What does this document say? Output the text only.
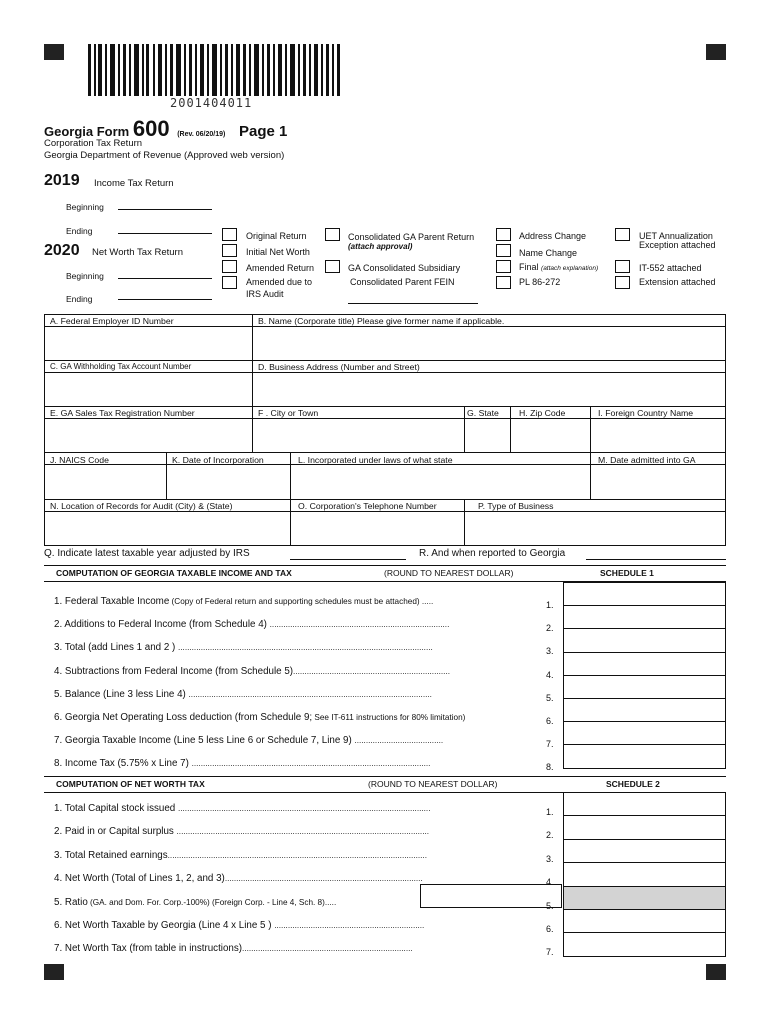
2001404011
Georgia Form 600 (Rev. 06/20/19) Page 1
Corporation Tax Return
Georgia Department of Revenue (Approved web version)
2019 Income Tax Return
Beginning
Ending
2020 Net Worth Tax Return
Beginning
Ending
Original Return
Initial Net Worth
Amended Return
Amended due to
IRS Audit
Consolidated GA Parent Return
(attach approval)
GA Consolidated Subsidiary
Consolidated Parent FEIN
Address Change
Name Change
Final (attach explanation)
PL 86-272
UET Annualization
Exception attached
IT-552 attached
Extension attached
A. Federal Employer ID Number	B. Name (Corporate title) Please give former name if applicable.
C. GA Withholding Tax Account Number	D. Business Address (Number and Street)
E. GA Sales Tax Registration Number	F . City or Town	G. State H. Zip Code	I. Foreign Country Name
J. NAICS Code	K. Date of Incorporation	L. Incorporated under laws of what state	M. Date admitted into GA
N. Location of Records for Audit (City) & (State)	O. Corporation's Telephone Number	P. Type of Business
Q. Indicate latest taxable year adjusted by IRS	R. And when reported to Georgia
COMPUTATION OF GEORGIA TAXABLE INCOME AND TAX	(ROUND TO NEAREST DOLLAR)	SCHEDULE 1
1. Federal Taxable Income (Copy of Federal return and supporting schedules must be attached) .....	1.
2. Additions to Federal Income (from Schedule 4) ...............................................................................	2.
3. Total (add Lines 1 and 2 ) ................................................................................................................	3.
4. Subtractions from Federal Income (from Schedule 5).....................................................................	4.
5. Balance (Line 3 less Line 4) ...........................................................................................................	5.
6. Georgia Net Operating Loss deduction (from Schedule 9; See IT-611 instructions for 80% limitation)	6.
7. Georgia Taxable Income (Line 5 less Line 6 or Schedule 7, Line 9) .......................................	7.
8. Income Tax (5.75% x Line 7) .........................................................................................................	8.
COMPUTATION OF NET WORTH TAX	(ROUND TO NEAREST DOLLAR)	SCHEDULE 2
1. Total Capital stock issued ...............................................................................................................	1.
2. Paid in or Capital surplus ...............................................................................................................	2.
3. Total Retained earnings..................................................................................................................	3.
4. Net Worth (Total of Lines 1, 2, and 3).......................................................................................	4.
5. Ratio (GA. and Dom. For. Corp.-100%) (Foreign Corp. - Line 4, Sch. 8).....	5.
6. Net Worth Taxable by Georgia (Line 4 x Line 5 ) ..................................................................	6.
7. Net Worth Tax (from table in instructions)...........................................................................	7.
